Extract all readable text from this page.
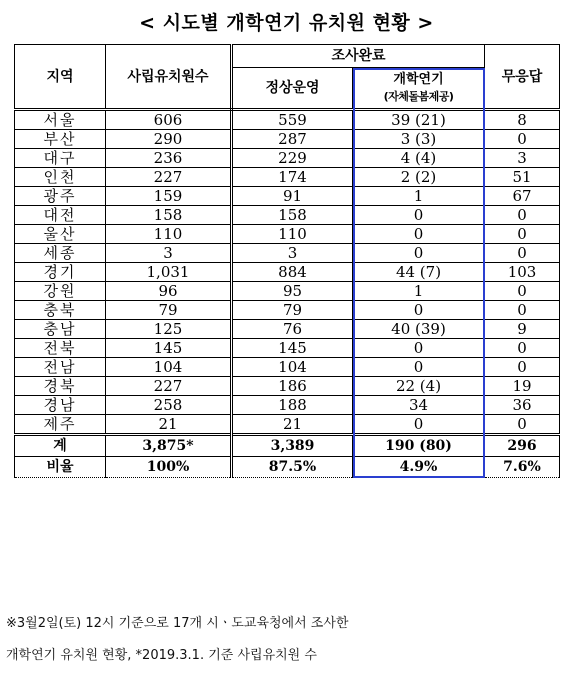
< 시도별 개학연기 유치원 현황 >
지역	사립유치원수	조사완료		무응답
		정상운영	개학연기
(자체돌봄제공)	

서울	606	559	39 (21)	8
부산	290	287	3 (3)	0
대구	236	229	4 (4)	3
인천	227	174	2 (2)	51
광주	159	91	1	67
대전	158	158	0	0
울산	110	110	0	0
세종	3	3	0	0
경기	1,031	884	44 (7)	103
강원	96	95	1	0
충북	79	79	0	0
충남	125	76	40 (39)	9
전북	145	145	0	0
전남	104	104	0	0
경북	227	186	22 (4)	19
경남	258	188	34	36
제주	21	21	0	0
계	3,875*	3,389	190 (80)	296
비율	100%	87.5%	4.9%	7.6%
※3월2일(토) 12시 기준으로 17개 시ㆍ도교육청에서 조사한
개학연기 유치원 현황, *2019.3.1. 기준 사립유치원 수
